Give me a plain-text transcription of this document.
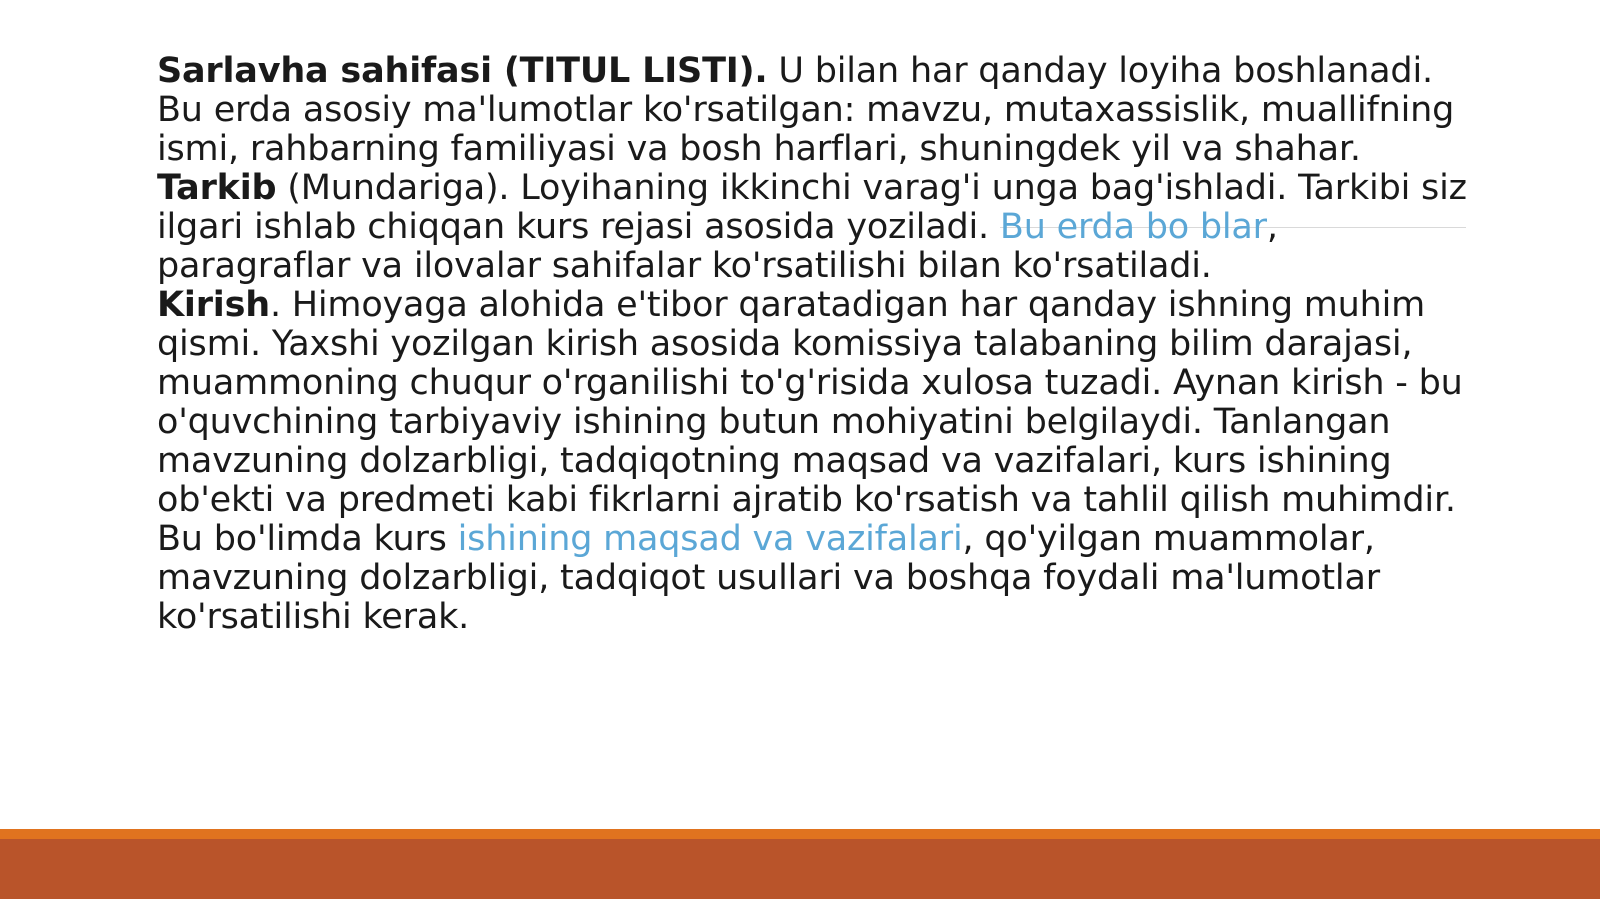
Sarlavha sahifasi (TITUL LISTI). U bilan har qanday loyiha boshlanadi. Bu erda asosiy ma'lumotlar ko'rsatilgan: mavzu, mutaxassislik, muallifning ismi, rahbarning familiyasi va bosh harflari, shuningdek yil va shahar.

Tarkib (Mundariga). Loyihaning ikkinchi varag'i unga bag'ishladi. Tarkibi siz ilgari ishlab chiqqan kurs rejasi asosida yoziladi. Bu erda bo blar, paragraflar va ilovalar sahifalar ko'rsatilishi bilan ko'rsatiladi.

Kirish. Himoyaga alohida e'tibor qaratadigan har qanday ishning muhim qismi. Yaxshi yozilgan kirish asosida komissiya talabaning bilim darajasi, muammoning chuqur o'rganilishi to'g'risida xulosa tuzadi. Aynan kirish - bu o'quvchining tarbiyaviy ishining butun mohiyatini belgilaydi. Tanlangan mavzuning dolzarbligi, tadqiqotning maqsad va vazifalari, kurs ishining ob'ekti va predmeti kabi fikrlarni ajratib ko'rsatish va tahlil qilish muhimdir. Bu bo'limda kurs ishining maqsad va vazifalari, qo'yilgan muammolar, mavzuning dolzarbligi, tadqiqot usullari va boshqa foydali ma'lumotlar ko'rsatilishi kerak.
